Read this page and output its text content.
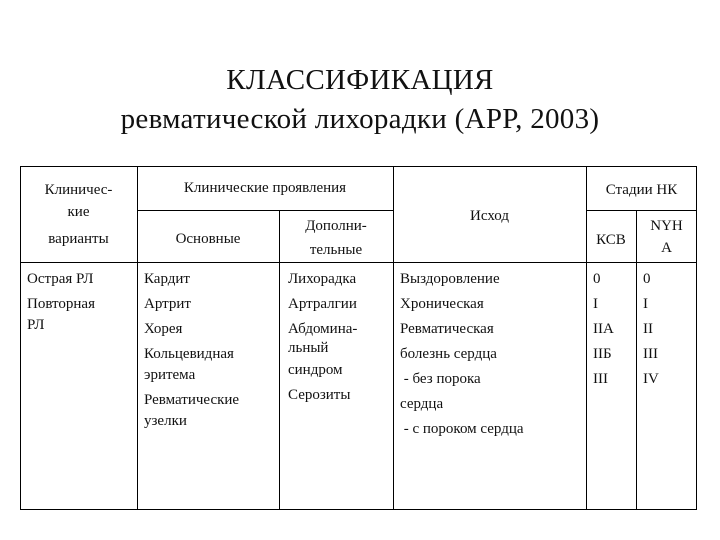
КЛАССИФИКАЦИЯ
ревматической лихорадки (АРР, 2003)
Клиничес-
кие
варианты
Клинические проявления
Основные
Дополни-
тельные
Исход
Стадии НК
КСВ
NYH
A
Острая РЛ
Повторная
РЛ
Кардит
Артрит
Хорея
Кольцевидная
эритема
Ревматические
узелки
Лихорадка
Артралгии
Абдомина-
льный
синдром
Серозиты
Выздоровление
Хроническая
Ревматическая
болезнь сердца
- без порока
сердца
- с пороком сердца
0
I
IIА
IIБ
III
0
I
II
III
IV
